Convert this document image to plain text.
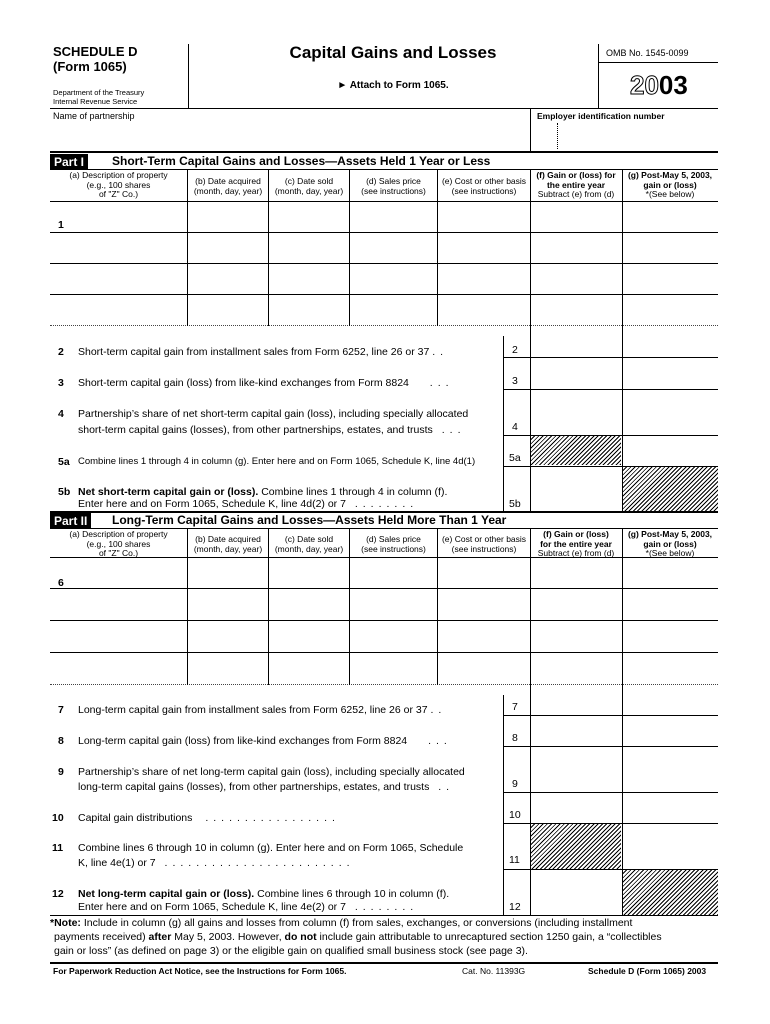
SCHEDULE D
(Form 1065)
Department of the Treasury
Internal Revenue Service
Capital Gains and Losses
► Attach to Form 1065.
OMB No. 1545-0099
2003
Name of partnership	Employer identification number
Part I	Short-Term Capital Gains and Losses—Assets Held 1 Year or Less
(a) Description of property
(e.g., 100 shares
of "Z" Co.)
(b) Date acquired
(month, day, year)
(c) Date sold
(month, day, year)
(d) Sales price
(see instructions)
(e) Cost or other basis
(see instructions)
(f) Gain or (loss) for
the entire year
Subtract (e) from (d)
(g) Post-May 5, 2003,
gain or (loss)
*(See below)
1
2 Short-term capital gain from installment sales from Form 6252, line 26 or 37 ..	2
3 Short-term capital gain (loss) from like-kind exchanges from Form 8824 ...	3
4 Partnership’s share of net short-term capital gain (loss), including specially allocated
short-term capital gains (losses), from other partnerships, estates, and trusts ...	4
5a Combine lines 1 through 4 in column (g). Enter here and on Form 1065, Schedule K, line 4d(1)	5a
5b Net short-term capital gain or (loss). Combine lines 1 through 4 in column (f).
Enter here and on Form 1065, Schedule K, line 4d(2) or 7 ........	5b
Part II	Long-Term Capital Gains and Losses—Assets Held More Than 1 Year
(a) Description of property
(e.g., 100 shares
of "Z" Co.)
(b) Date acquired
(month, day, year)
(c) Date sold
(month, day, year)
(d) Sales price
(see instructions)
(e) Cost or other basis
(see instructions)
(f) Gain or (loss)
for the entire year
Subtract (e) from (d)
(g) Post-May 5, 2003,
gain or (loss)
*(See below)
6
7 Long-term capital gain from installment sales from Form 6252, line 26 or 37 ..	7
8 Long-term capital gain (loss) from like-kind exchanges from Form 8824 ...	8
9 Partnership’s share of net long-term capital gain (loss), including specially allocated
long-term capital gains (losses), from other partnerships, estates, and trusts ..	9
10 Capital gain distributions .................	10
11 Combine lines 6 through 10 in column (g). Enter here and on Form 1065, Schedule
K, line 4e(1) or 7 ........................	11
12 Net long-term capital gain or (loss). Combine lines 6 through 10 in column (f).
Enter here and on Form 1065, Schedule K, line 4e(2) or 7 ........	12
*Note: Include in column (g) all gains and losses from column (f) from sales, exchanges, or conversions (including installment
payments received) after May 5, 2003. However, do not include gain attributable to unrecaptured section 1250 gain, a “collectibles
gain or loss” (as defined on page 3) or the eligible gain on qualified small business stock (see page 3).
For Paperwork Reduction Act Notice, see the Instructions for Form 1065.	Cat. No. 11393G	Schedule D (Form 1065) 2003
